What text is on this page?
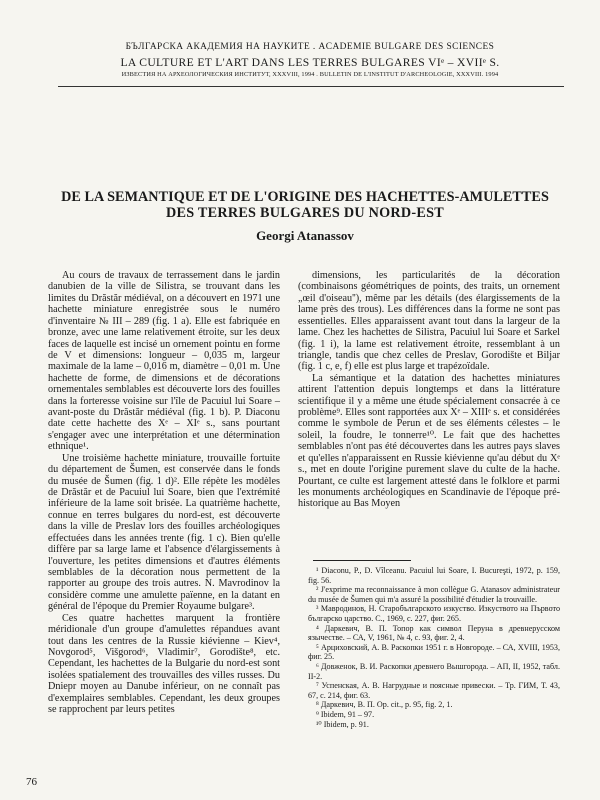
БЪЛГАРСКА АКАДЕМИЯ НА НАУКИТЕ . ACADEMIE BULGARE DES SCIENCES
LA CULTURE ET L'ART DANS LES TERRES BULGARES VIᵉ – XVIIᵉ S.
ИЗВЕСТИЯ НА АРХЕОЛОГИЧЕСКИЯ ИНСТИТУТ, XXXVIII, 1994 . BULLETIN DE L'INSTITUT D'ARCHEOLOGIE, XXXVIII. 1994
DE LA SEMANTIQUE ET DE L'ORIGINE DES HACHETTES-AMULETTES
DES TERRES BULGARES DU NORD-EST
Georgi Atanassov

Au cours de travaux de terrassement dans le jardin danubien de la ville de Silistra, se trouvant dans les limites du Drăstăr médiéval, on a découvert en 1971 une hachette miniature enregistrée sous le numéro d'inventaire № III – 289 (fig. 1 a). Elle est fabriquée en bronze, avec une lame relativement étroite, sur les deux faces de laquelle est incisé un ornement pointu en forme de V et dimensions: longueur – 0,035 m, largeur maximale de la lame – 0,016 m, diamètre – 0,01 m. Une hachette de forme, de dimensions et de décorations ornementales semblables est découverte lors des fouilles dans la forteresse voisine sur l'île de Pacuiul lui Soare – avant-poste du Drăstăr médiéval (fig. 1 b). P. Diaconu date cette hachette des Xᵉ – XIᵉ s., sans pourtant s'engager avec une interprétation et une détermination ethnique¹.

Une troisième hachette miniature, trouvaille fortuite du département de Šumen, est conservée dans le fonds du musée de Šumen (fig. 1 d)². Elle répète les modèles de Drăstăr et de Pacuiul lui Soare, bien que l'extrémité inférieure de la lame soit brisée. La quatrième hachette, connue en terres bulgares du nord-est, est découverte dans la ville de Preslav lors des fouilles archéologiques effectuées dans les années trente (fig. 1 c). Bien qu'elle diffère par sa large lame et l'absence d'élargissements à l'ouverture, les petites dimensions et d'autres éléments semblables de la décoration nous permettent de la rapporter au groupe des trois autres. N. Mavrodinov la considère comme une amulette païenne, en la datant en général de l'époque du Premier Royaume bulgare³.

Ces quatre hachettes marquent la frontière méridionale d'un groupe d'amulettes répandues avant tout dans les centres de la Russie kiévienne – Kiev⁴, Novgorod⁵, Višgorod⁶, Vladimir⁷, Gorodište⁸, etc. Cependant, les hachettes de la Bulgarie du nord-est sont isolées spatialement des trouvailles des villes russes. Du Dniepr moyen au Danube inférieur, on ne connaît pas d'exemplaires semblables. Cependant, les deux groupes se rapprochent par leurs petites

dimensions, les particularités de la décoration (combinaisons géométriques de points, des traits, un ornement „œil d'oiseau''), même par les détails (des élargissements de la lame près des trous). Les différences dans la forme ne sont pas essentielles. Elles apparaissent avant tout dans la largeur de la lame. Chez les hachettes de Silistra, Pacuiul lui Soare et Sarkel (fig. 1 i), la lame est relativement étroite, ressemblant à un triangle, tandis que chez celles de Preslav, Gorodište et Biljar (fig. 1 c, e, f) elle est plus large et trapézoïdale.

La sémantique et la datation des hachettes miniatures attirent l'attention depuis longtemps et dans la littérature scientifique il y a même une étude spécialement consacrée à ce problème⁹. Elles sont rapportées aux Xᵉ – XIIIᵉ s. et considérées comme le symbole de Perun et de ses éléments célestes – le soleil, la foudre, le tonnerre¹⁰. Le fait que des hachettes semblables n'ont pas été découvertes dans les autres pays slaves et qu'elles n'apparaissent en Russie kiévienne qu'au début du Xᵉ s., met en doute l'origine purement slave du culte de la hache. Pourtant, ce culte est largement attesté dans le folklore et parmi les monuments archéologiques en Scandinavie de l'époque pré-historique au Bas Moyen

¹ Diaconu, P., D. Vîlceanu. Pacuiul lui Soare, I. Bucureşti, 1972, p. 159, fig. 56.
² J'exprime ma reconnaissance à mon collègue G. Atanasov administrateur du musée de Šumen qui m'a assuré la possibilité d'étudier la trouvaille.
³ Мавродинов, Н. Старобългарското изкуство. Изкуството на Първото българско царство. С., 1969, с. 227, фиг. 265.
⁴ Даркевич, В. П. Топор как символ Перуна в древнерусском язычестве. – СА, V, 1961, № 4, с. 93, фиг. 2, 4.
⁵ Арциховский, А. В. Раскопки 1951 г. в Новгороде. – СА, XVIII, 1953, фиг. 25.
⁶ Довженок, В. И. Раскопки древнего Вышгорода. – АП, II, 1952, табл. II-2.
⁷ Успенская, А. В. Нагрудные и поясные привески. – Тр. ГИМ, Т. 43, 67, с. 214, фиг. 63.
⁸ Даркевич, В. П. Ор. cit., р. 95, fig. 2, 1.
⁹ Ibidem, 91 – 97.
¹⁰ Ibidem, p. 91.
76
